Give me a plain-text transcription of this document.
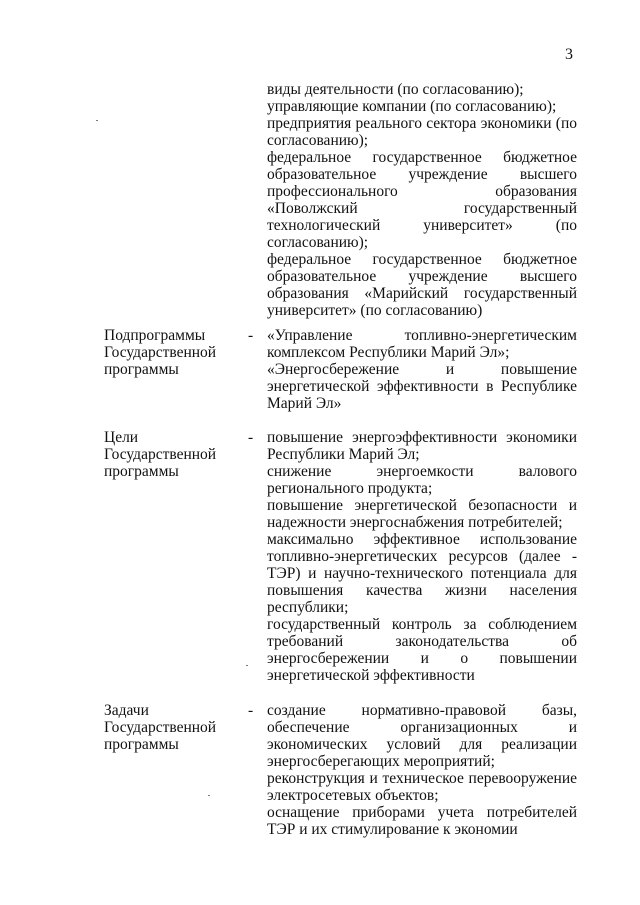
3

виды деятельности (по согласованию);

управляющие компании (по согласованию);

предприятия реального сектора экономики (по согласованию);

федеральное государственное бюджетное образовательное учреждение высшего профессионального образования «Поволжский государственный технологический университет» (по согласованию);

федеральное государственное бюджетное образовательное учреждение высшего образования «Марийский государственный университет» (по согласованию)

Подпрограммы

Государственной

программы

- «Управление топливно-энергетическим комплексом Республики Марий Эл»;

«Энергосбережение и повышение энергетической эффективности в Республике Марий Эл»

Цели

Государственной

программы

- повышение энергоэффективности экономики Республики Марий Эл;

снижение энергоемкости валового регионального продукта;

повышение энергетической безопасности и надежности энергоснабжения потребителей;

максимально эффективное использование топливно-энергетических ресурсов (далее - ТЭР) и научно-технического потенциала для повышения качества жизни населения республики;

государственный контроль за соблюдением требований законодательства об энергосбережении и о повышении энергетической эффективности

Задачи

Государственной

программы

- создание нормативно-правовой базы, обеспечение организационных и экономических условий для реализации энергосберегающих мероприятий;

реконструкция и техническое перевооружение электросетевых объектов;

оснащение приборами учета потребителей ТЭР и их стимулирование к экономии
